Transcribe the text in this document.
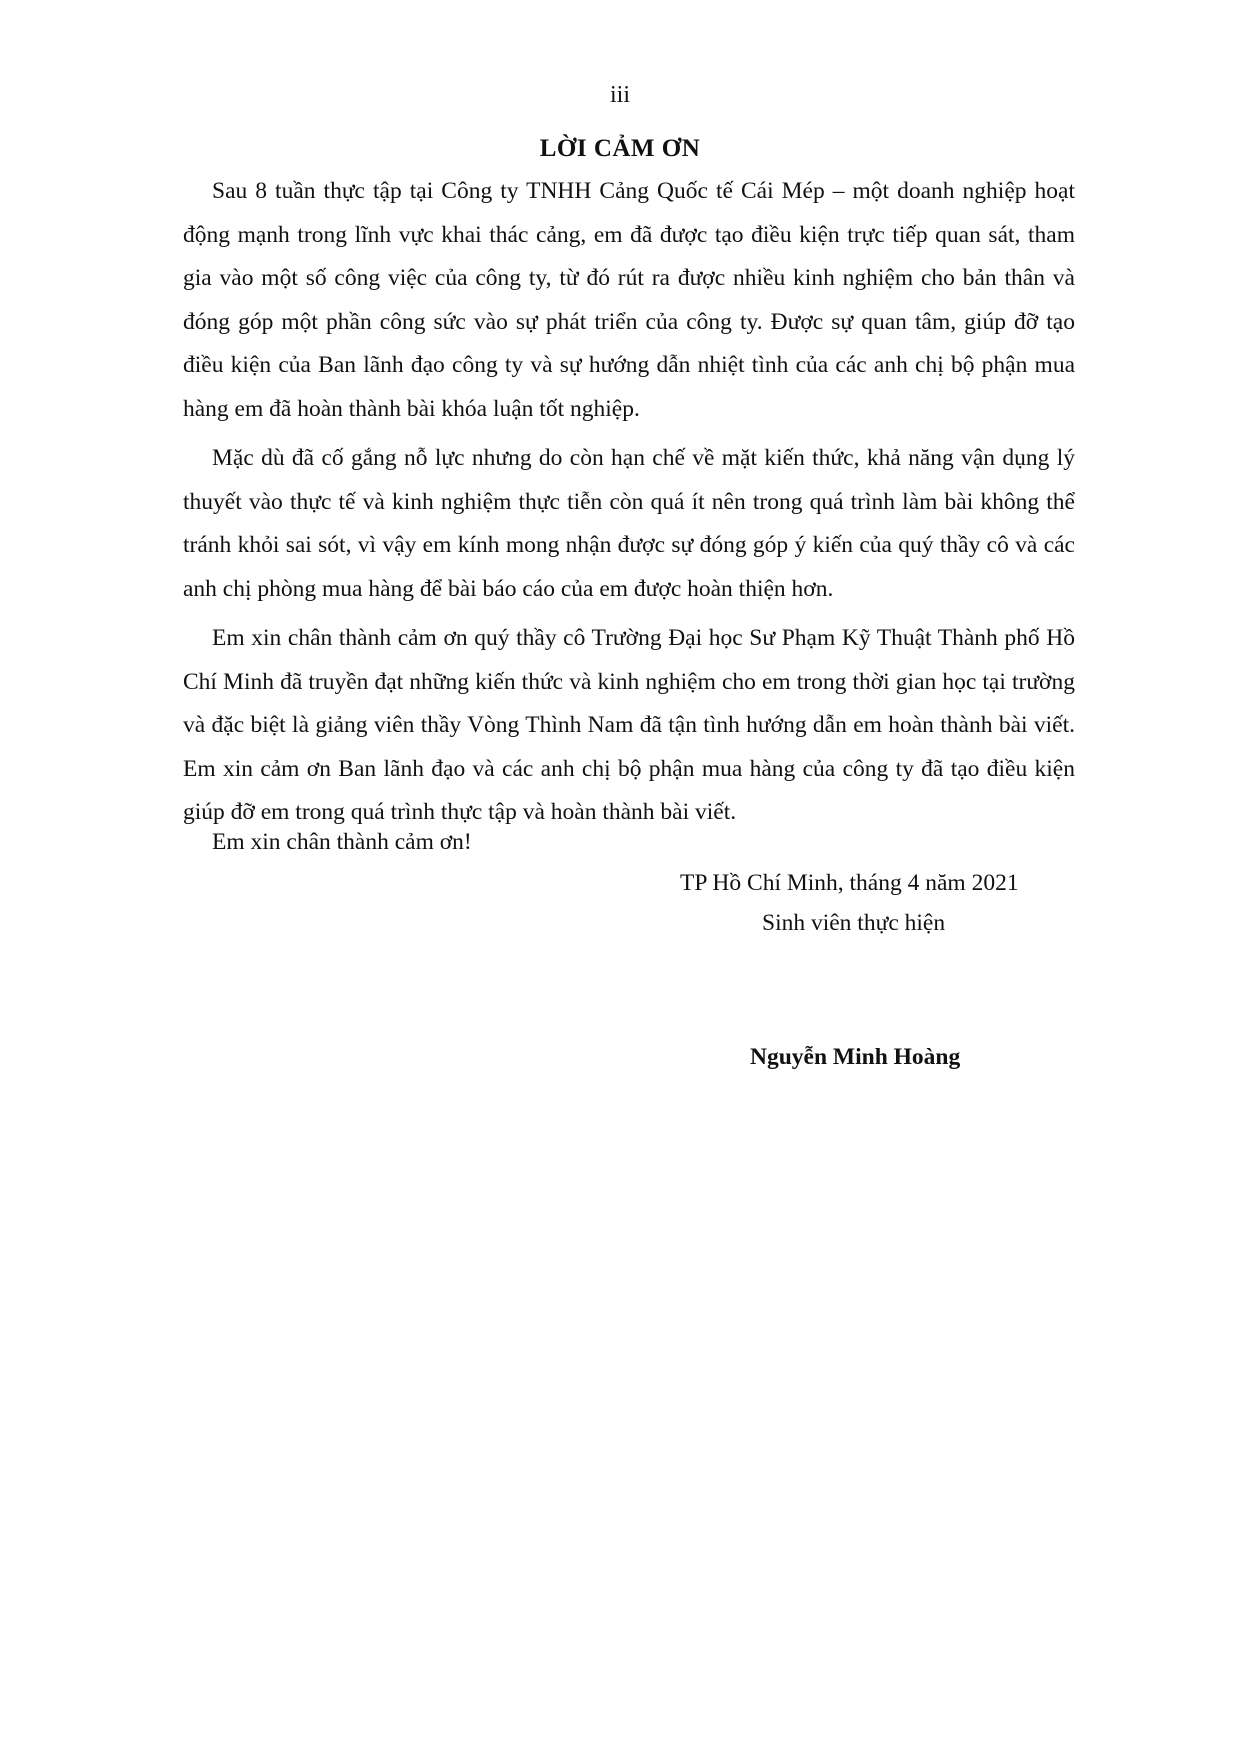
iii
LỜI CẢM ƠN

Sau 8 tuần thực tập tại Công ty TNHH Cảng Quốc tế Cái Mép – một doanh nghiệp hoạt động mạnh trong lĩnh vực khai thác cảng, em đã được tạo điều kiện trực tiếp quan sát, tham gia vào một số công việc của công ty, từ đó rút ra được nhiều kinh nghiệm cho bản thân và đóng góp một phần công sức vào sự phát triển của công ty. Được sự quan tâm, giúp đỡ tạo điều kiện của Ban lãnh đạo công ty và sự hướng dẫn nhiệt tình của các anh chị bộ phận mua hàng em đã hoàn thành bài khóa luận tốt nghiệp.

Mặc dù đã cố gắng nỗ lực nhưng do còn hạn chế về mặt kiến thức, khả năng vận dụng lý thuyết vào thực tế và kinh nghiệm thực tiễn còn quá ít nên trong quá trình làm bài không thể tránh khỏi sai sót, vì vậy em kính mong nhận được sự đóng góp ý kiến của quý thầy cô và các anh chị phòng mua hàng để bài báo cáo của em được hoàn thiện hơn.

Em xin chân thành cảm ơn quý thầy cô Trường Đại học Sư Phạm Kỹ Thuật Thành phố Hồ Chí Minh đã truyền đạt những kiến thức và kinh nghiệm cho em trong thời gian học tại trường và đặc biệt là giảng viên thầy Vòng Thình Nam đã tận tình hướng dẫn em hoàn thành bài viết. Em xin cảm ơn Ban lãnh đạo và các anh chị bộ phận mua hàng của công ty đã tạo điều kiện giúp đỡ em trong quá trình thực tập và hoàn thành bài viết.

Em xin chân thành cảm ơn!
TP Hồ Chí Minh, tháng 4 năm 2021
Sinh viên thực hiện
Nguyễn Minh Hoàng
